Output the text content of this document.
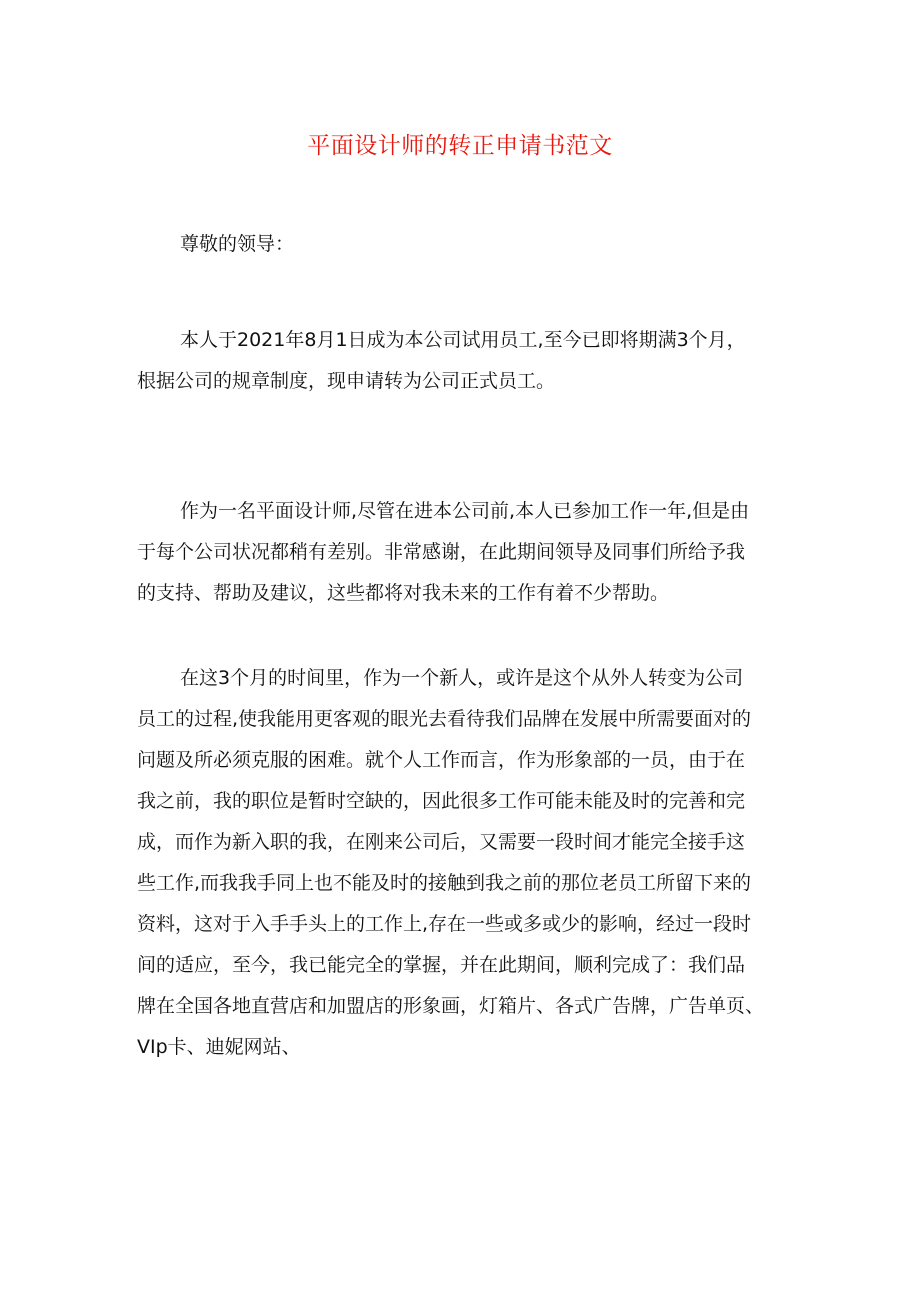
平面设计师的转正申请书范文

尊敬的领导：

本人于2021年8月1日成为本公司试用员工,至今已即将期满3个月，
根据公司的规章制度，现申请转为公司正式员工。
作为一名平面设计师,尽管在进本公司前,本人已参加工作一年,但是由
于每个公司状况都稍有差别。非常感谢，在此期间领导及同事们所给予我
的支持、帮助及建议，这些都将对我未来的工作有着不少帮助。
在这3个月的时间里，作为一个新人，或许是这个从外人转变为公司
员工的过程,使我能用更客观的眼光去看待我们品牌在发展中所需要面对的
问题及所必须克服的困难。就个人工作而言，作为形象部的一员，由于在
我之前，我的职位是暂时空缺的，因此很多工作可能未能及时的完善和完
成，而作为新入职的我，在刚来公司后，又需要一段时间才能完全接手这
些工作,而我我手同上也不能及时的接触到我之前的那位老员工所留下来的
资料，这对于入手手头上的工作上,存在一些或多或少的影响，经过一段时
间的适应，至今，我已能完全的掌握，并在此期间，顺利完成了：我们品
牌在全国各地直营店和加盟店的形象画，灯箱片、各式广告牌，广告单页、
VIp卡、迪妮网站、
